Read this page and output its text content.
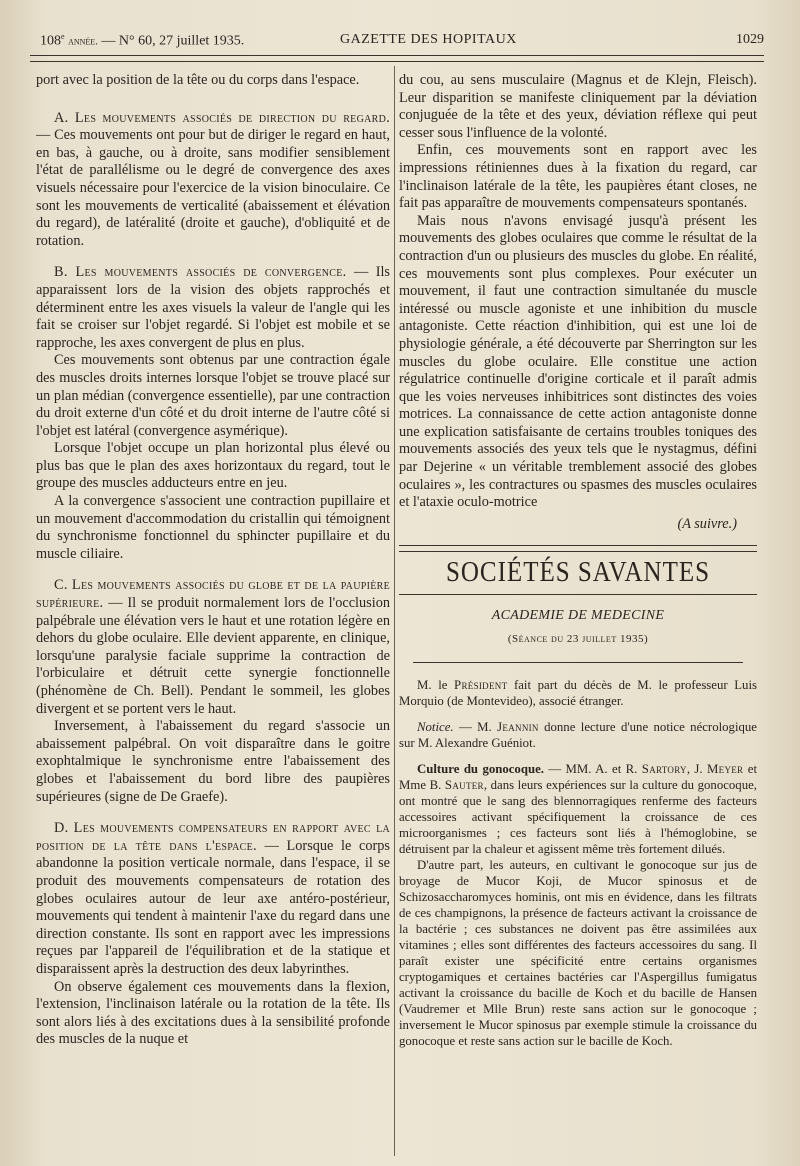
108e année. — N° 60, 27 juillet 1935.	GAZETTE DES HOPITAUX	1029

port avec la position de la tête ou du corps dans l'espace.

A. Les mouvements associés de direction du regard. — Ces mouvements ont pour but de diriger le regard en haut, en bas, à gauche, ou à droite, sans modifier sensiblement l'état de parallélisme ou le degré de convergence des axes visuels nécessaire pour l'exercice de la vision binoculaire. Ce sont les mouvements de verticalité (abaissement et élévation du regard), de latéralité (droite et gauche), d'obliquité et de rotation.

B. Les mouvements associés de convergence. — Ils apparaissent lors de la vision des objets rapprochés et déterminent entre les axes visuels la valeur de l'angle qui les fait se croiser sur l'objet regardé. Si l'objet est mobile et se rapproche, les axes convergent de plus en plus.

Ces mouvements sont obtenus par une contraction égale des muscles droits internes lorsque l'objet se trouve placé sur un plan médian (convergence essentielle), par une contraction du droit externe d'un côté et du droit interne de l'autre côté si l'objet est latéral (convergence asymérique).

Lorsque l'objet occupe un plan horizontal plus élevé ou plus bas que le plan des axes horizontaux du regard, tout le groupe des muscles adducteurs entre en jeu.

A la convergence s'associent une contraction pupillaire et un mouvement d'accommodation du cristallin qui témoignent du synchronisme fonctionnel du sphincter pupillaire et du muscle ciliaire.

C. Les mouvements associés du globe et de la paupière supérieure. — Il se produit normalement lors de l'occlusion palpébrale une élévation vers le haut et une rotation légère en dehors du globe oculaire. Elle devient apparente, en clinique, lorsqu'une paralysie faciale supprime la contraction de l'orbiculaire et détruit cette synergie fonctionnelle (phénomène de Ch. Bell). Pendant le sommeil, les globes divergent et se portent vers le haut.

Inversement, à l'abaissement du regard s'associe un abaissement palpébral. On voit disparaître dans le goitre exophtalmique le synchronisme entre l'abaissement des globes et l'abaissement du bord libre des paupières supérieures (signe de De Graefe).

D. Les mouvements compensateurs en rapport avec la position de la tête dans l'espace. — Lorsque le corps abandonne la position verticale normale, dans l'espace, il se produit des mouvements compensateurs de rotation des globes oculaires autour de leur axe antéro-postérieur, mouvements qui tendent à maintenir l'axe du regard dans une direction constante. Ils sont en rapport avec les impressions reçues par l'appareil de l'équilibration et de la statique et disparaissent après la destruction des deux labyrinthes.

On observe également ces mouvements dans la flexion, l'extension, l'inclinaison latérale ou la rotation de la tête. Ils sont alors liés à des excitations dues à la sensibilité profonde des muscles de la nuque et

du cou, au sens musculaire (Magnus et de Klejn, Fleisch). Leur disparition se manifeste cliniquement par la déviation conjuguée de la tête et des yeux, déviation réflexe qui peut cesser sous l'influence de la volonté.

Enfin, ces mouvements sont en rapport avec les impressions rétiniennes dues à la fixation du regard, car l'inclinaison latérale de la tête, les paupières étant closes, ne fait pas apparaître de mouvements compensateurs spontanés.

Mais nous n'avons envisagé jusqu'à présent les mouvements des globes oculaires que comme le résultat de la contraction d'un ou plusieurs des muscles du globe. En réalité, ces mouvements sont plus complexes. Pour exécuter un mouvement, il faut une contraction simultanée du muscle intéressé ou muscle agoniste et une inhibition du muscle antagoniste. Cette réaction d'inhibition, qui est une loi de physiologie générale, a été découverte par Sherrington sur les muscles du globe oculaire. Elle constitue une action régulatrice continuelle d'origine corticale et il paraît admis que les voies nerveuses inhibitrices sont distinctes des voies motrices. La connaissance de cette action antagoniste donne une explication satisfaisante de certains troubles toniques des mouvements associés des yeux tels que le nystagmus, défini par Dejerine « un véritable tremblement associé des globes oculaires », les contractures ou spasmes des muscles oculaires et l'ataxie oculo-motrice

(A suivre.)
SOCIÉTÉS SAVANTES
ACADEMIE DE MEDECINE
(Séance du 23 juillet 1935)

M. le Président fait part du décès de M. le professeur Luis Morquio (de Montevideo), associé étranger.

Notice. — M. Jeannin donne lecture d'une notice nécrologique sur M. Alexandre Guéniot.

Culture du gonocoque. — MM. A. et R. Sartory, J. Meyer et Mme B. Sauter, dans leurs expériences sur la culture du gonocoque, ont montré que le sang des blennorragiques renferme des facteurs accessoires activant spécifiquement la croissance de ces microorganismes ; ces facteurs sont liés à l'hémoglobine, se détruisent par la chaleur et agissent même très fortement dilués.

D'autre part, les auteurs, en cultivant le gonocoque sur jus de broyage de Mucor Koji, de Mucor spinosus et de Schizosaccharomyces hominis, ont mis en évidence, dans les filtrats de ces champignons, la présence de facteurs activant la croissance de la bactérie ; ces substances ne doivent pas être assimilées aux vitamines ; elles sont différentes des facteurs accessoires du sang. Il paraît exister une spécificité entre certains organismes cryptogamiques et certaines bactéries car l'Aspergillus fumigatus activant la croissance du bacille de Koch et du bacille de Hansen (Vaudremer et Mlle Brun) reste sans action sur le gonocoque ; inversement le Mucor spinosus par exemple stimule la croissance du gonocoque et reste sans action sur le bacille de Koch.
